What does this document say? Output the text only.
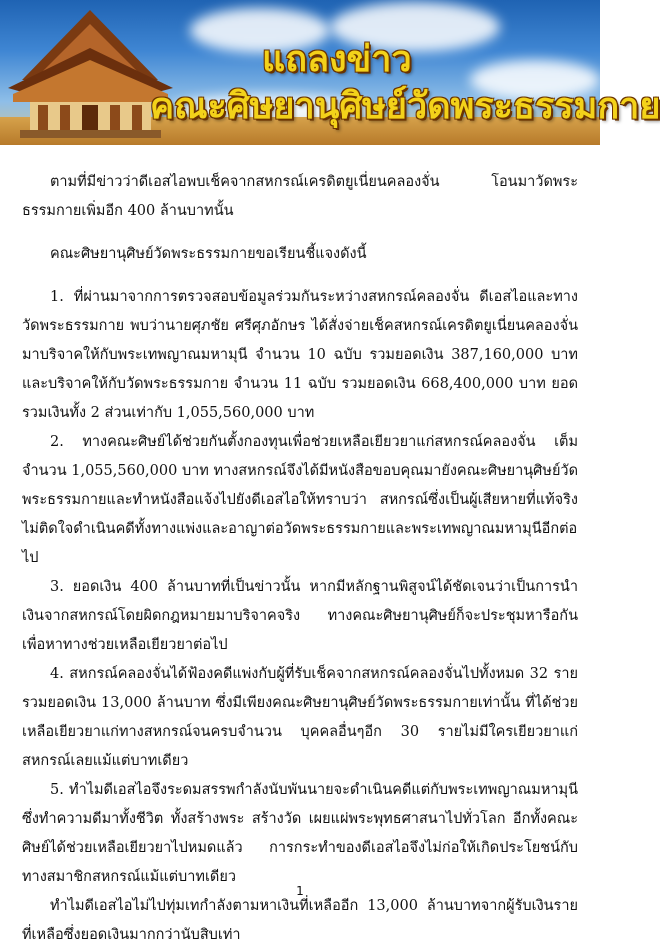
แถลงข่าว
คณะศิษยานุศิษย์วัดพระธรรมกาย

ตามที่มีข่าวว่าดีเอสไอพบเช็คจากสหกรณ์เครดิตยูเนี่ยนคลองจั่น โอนมาวัดพระธรรมกายเพิ่มอีก 400 ล้านบาทนั้น

คณะศิษยานุศิษย์วัดพระธรรมกายขอเรียนชี้แจงดังนี้

1. ที่ผ่านมาจากการตรวจสอบข้อมูลร่วมกันระหว่างสหกรณ์คลองจั่น ดีเอสไอและทางวัดพระธรรมกาย พบว่านายศุภชัย ศรีศุภอักษร ได้สั่งจ่ายเช็คสหกรณ์เครดิตยูเนี่ยนคลองจั่น มาบริจาคให้กับพระเทพญาณมหามุนี จำนวน 10 ฉบับ รวมยอดเงิน 387,160,000 บาท และบริจาคให้กับวัดพระธรรมกาย จำนวน 11 ฉบับ รวมยอดเงิน 668,400,000 บาท ยอดรวมเงินทั้ง 2 ส่วนเท่ากับ 1,055,560,000 บาท

2. ทางคณะศิษย์ได้ช่วยกันตั้งกองทุนเพื่อช่วยเหลือเยียวยาแก่สหกรณ์คลองจั่น เต็มจำนวน 1,055,560,000 บาท ทางสหกรณ์จึงได้มีหนังสือขอบคุณมายังคณะศิษยานุศิษย์วัดพระธรรมกายและทำหนังสือแจ้งไปยังดีเอสไอให้ทราบว่า สหกรณ์ซึ่งเป็นผู้เสียหายที่แท้จริงไม่ติดใจดำเนินคดีทั้งทางแพ่งและอาญาต่อวัดพระธรรมกายและพระเทพญาณมหามุนีอีกต่อไป

3. ยอดเงิน 400 ล้านบาทที่เป็นข่าวนั้น หากมีหลักฐานพิสูจน์ได้ชัดเจนว่าเป็นการนำเงินจากสหกรณ์โดยผิดกฎหมายมาบริจาคจริง ทางคณะศิษยานุศิษย์ก็จะประชุมหารือกันเพื่อหาทางช่วยเหลือเยียวยาต่อไป

4. สหกรณ์คลองจั่นได้ฟ้องคดีแพ่งกับผู้ที่รับเช็คจากสหกรณ์คลองจั่นไปทั้งหมด 32 ราย รวมยอดเงิน 13,000 ล้านบาท ซึ่งมีเพียงคณะศิษยานุศิษย์วัดพระธรรมกายเท่านั้น ที่ได้ช่วยเหลือเยียวยาแก่ทางสหกรณ์จนครบจำนวน บุคคลอื่นๆอีก 30 รายไม่มีใครเยียวยาแก่สหกรณ์เลยแม้แต่บาทเดียว

5. ทำไมดีเอสไอจึงระดมสรรพกำลังนับพันนายจะดำเนินคดีแต่กับพระเทพญาณมหามุนีซึ่งทำความดีมาทั้งชีวิต ทั้งสร้างพระ สร้างวัด เผยแผ่พระพุทธศาสนาไปทั่วโลก อีกทั้งคณะศิษย์ได้ช่วยเหลือเยียวยาไปหมดแล้ว การกระทำของดีเอสไอจึงไม่ก่อให้เกิดประโยชน์กับทางสมาชิกสหกรณ์แม้แต่บาทเดียว

ทำไมดีเอสไอไม่ไปทุ่มเทกำลังตามหาเงินที่เหลืออีก 13,000 ล้านบาทจากผู้รับเงินรายที่เหลือซึ่งยอดเงินมากกว่านับสิบเท่า

1
